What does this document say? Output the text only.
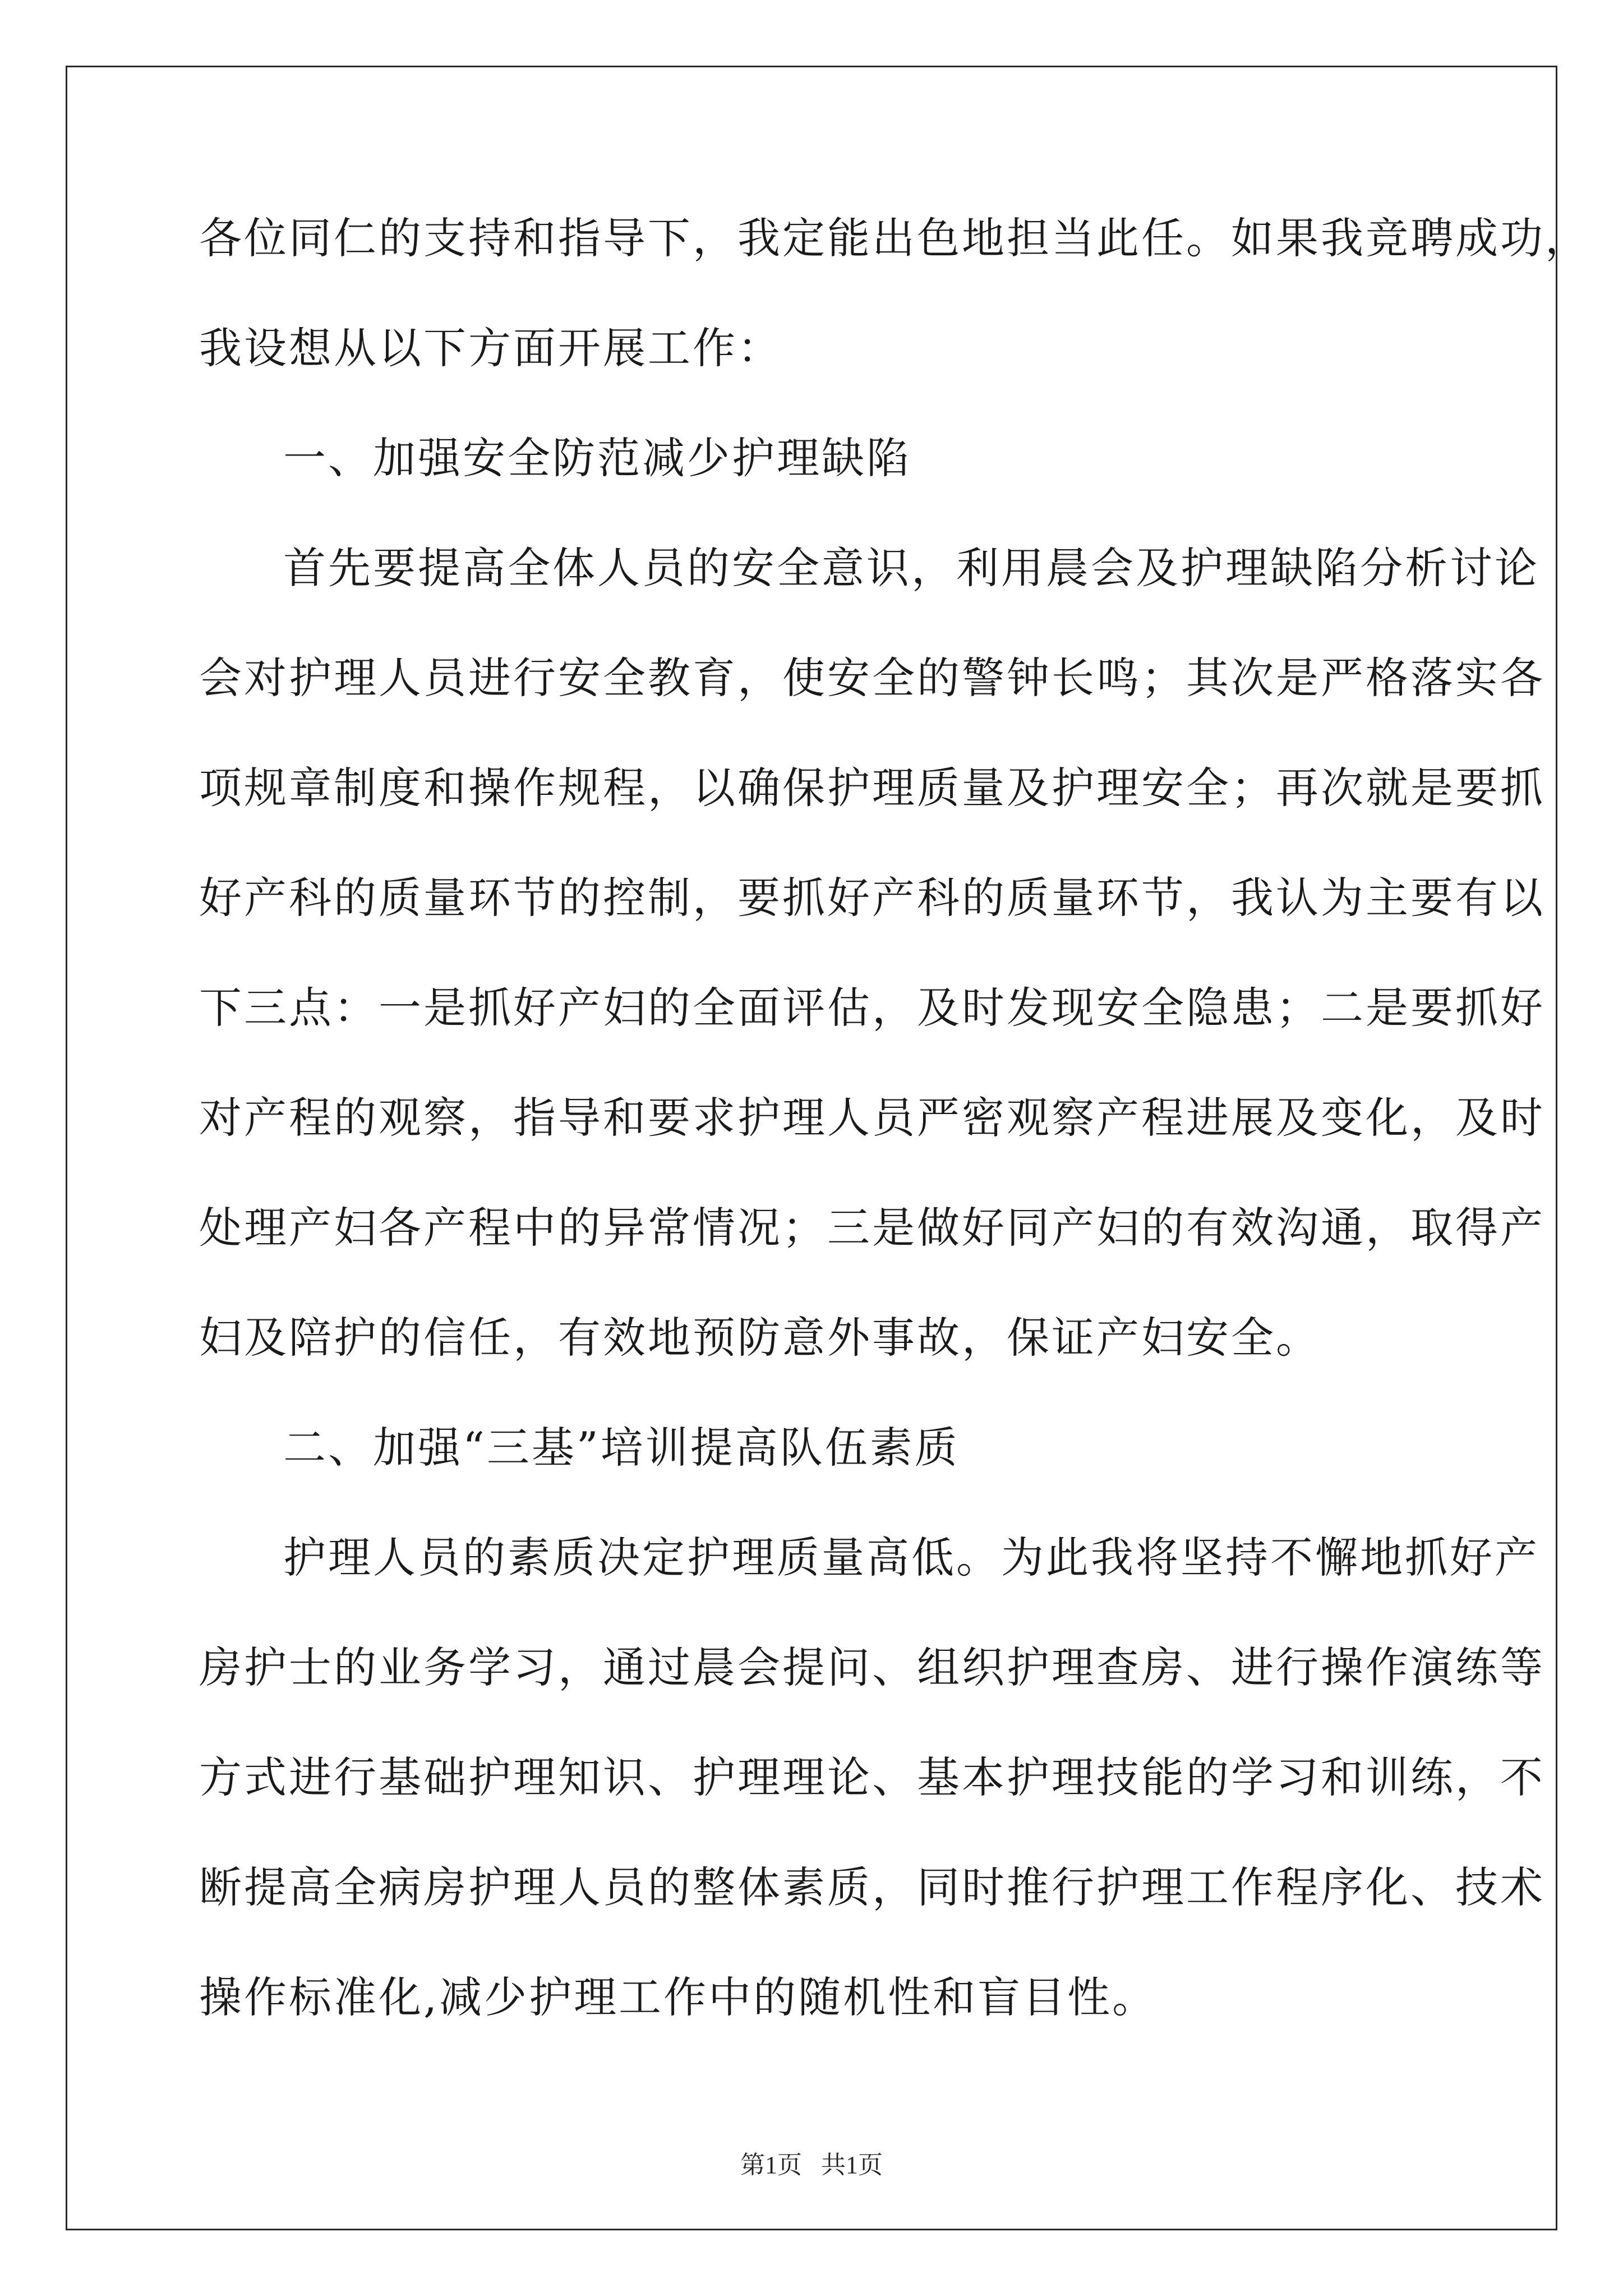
各位同仁的支持和指导下，我定能出色地担当此任。如果我竞聘成功，
我设想从以下方面开展工作：
一、加强安全防范减少护理缺陷
首先要提高全体人员的安全意识，利用晨会及护理缺陷分析讨论
会对护理人员进行安全教育，使安全的警钟长鸣；其次是严格落实各
项规章制度和操作规程，以确保护理质量及护理安全；再次就是要抓
好产科的质量环节的控制，要抓好产科的质量环节，我认为主要有以
下三点：一是抓好产妇的全面评估，及时发现安全隐患；二是要抓好
对产程的观察，指导和要求护理人员严密观察产程进展及变化，及时
处理产妇各产程中的异常情况；三是做好同产妇的有效沟通，取得产
妇及陪护的信任，有效地预防意外事故，保证产妇安全。
二、加强“三基”培训提高队伍素质
护理人员的素质决定护理质量高低。为此我将坚持不懈地抓好产
房护士的业务学习，通过晨会提问、组织护理查房、进行操作演练等
方式进行基础护理知识、护理理论、基本护理技能的学习和训练，不
断提高全病房护理人员的整体素质，同时推行护理工作程序化、技术
操作标准化,减少护理工作中的随机性和盲目性。
第1页 共1页
